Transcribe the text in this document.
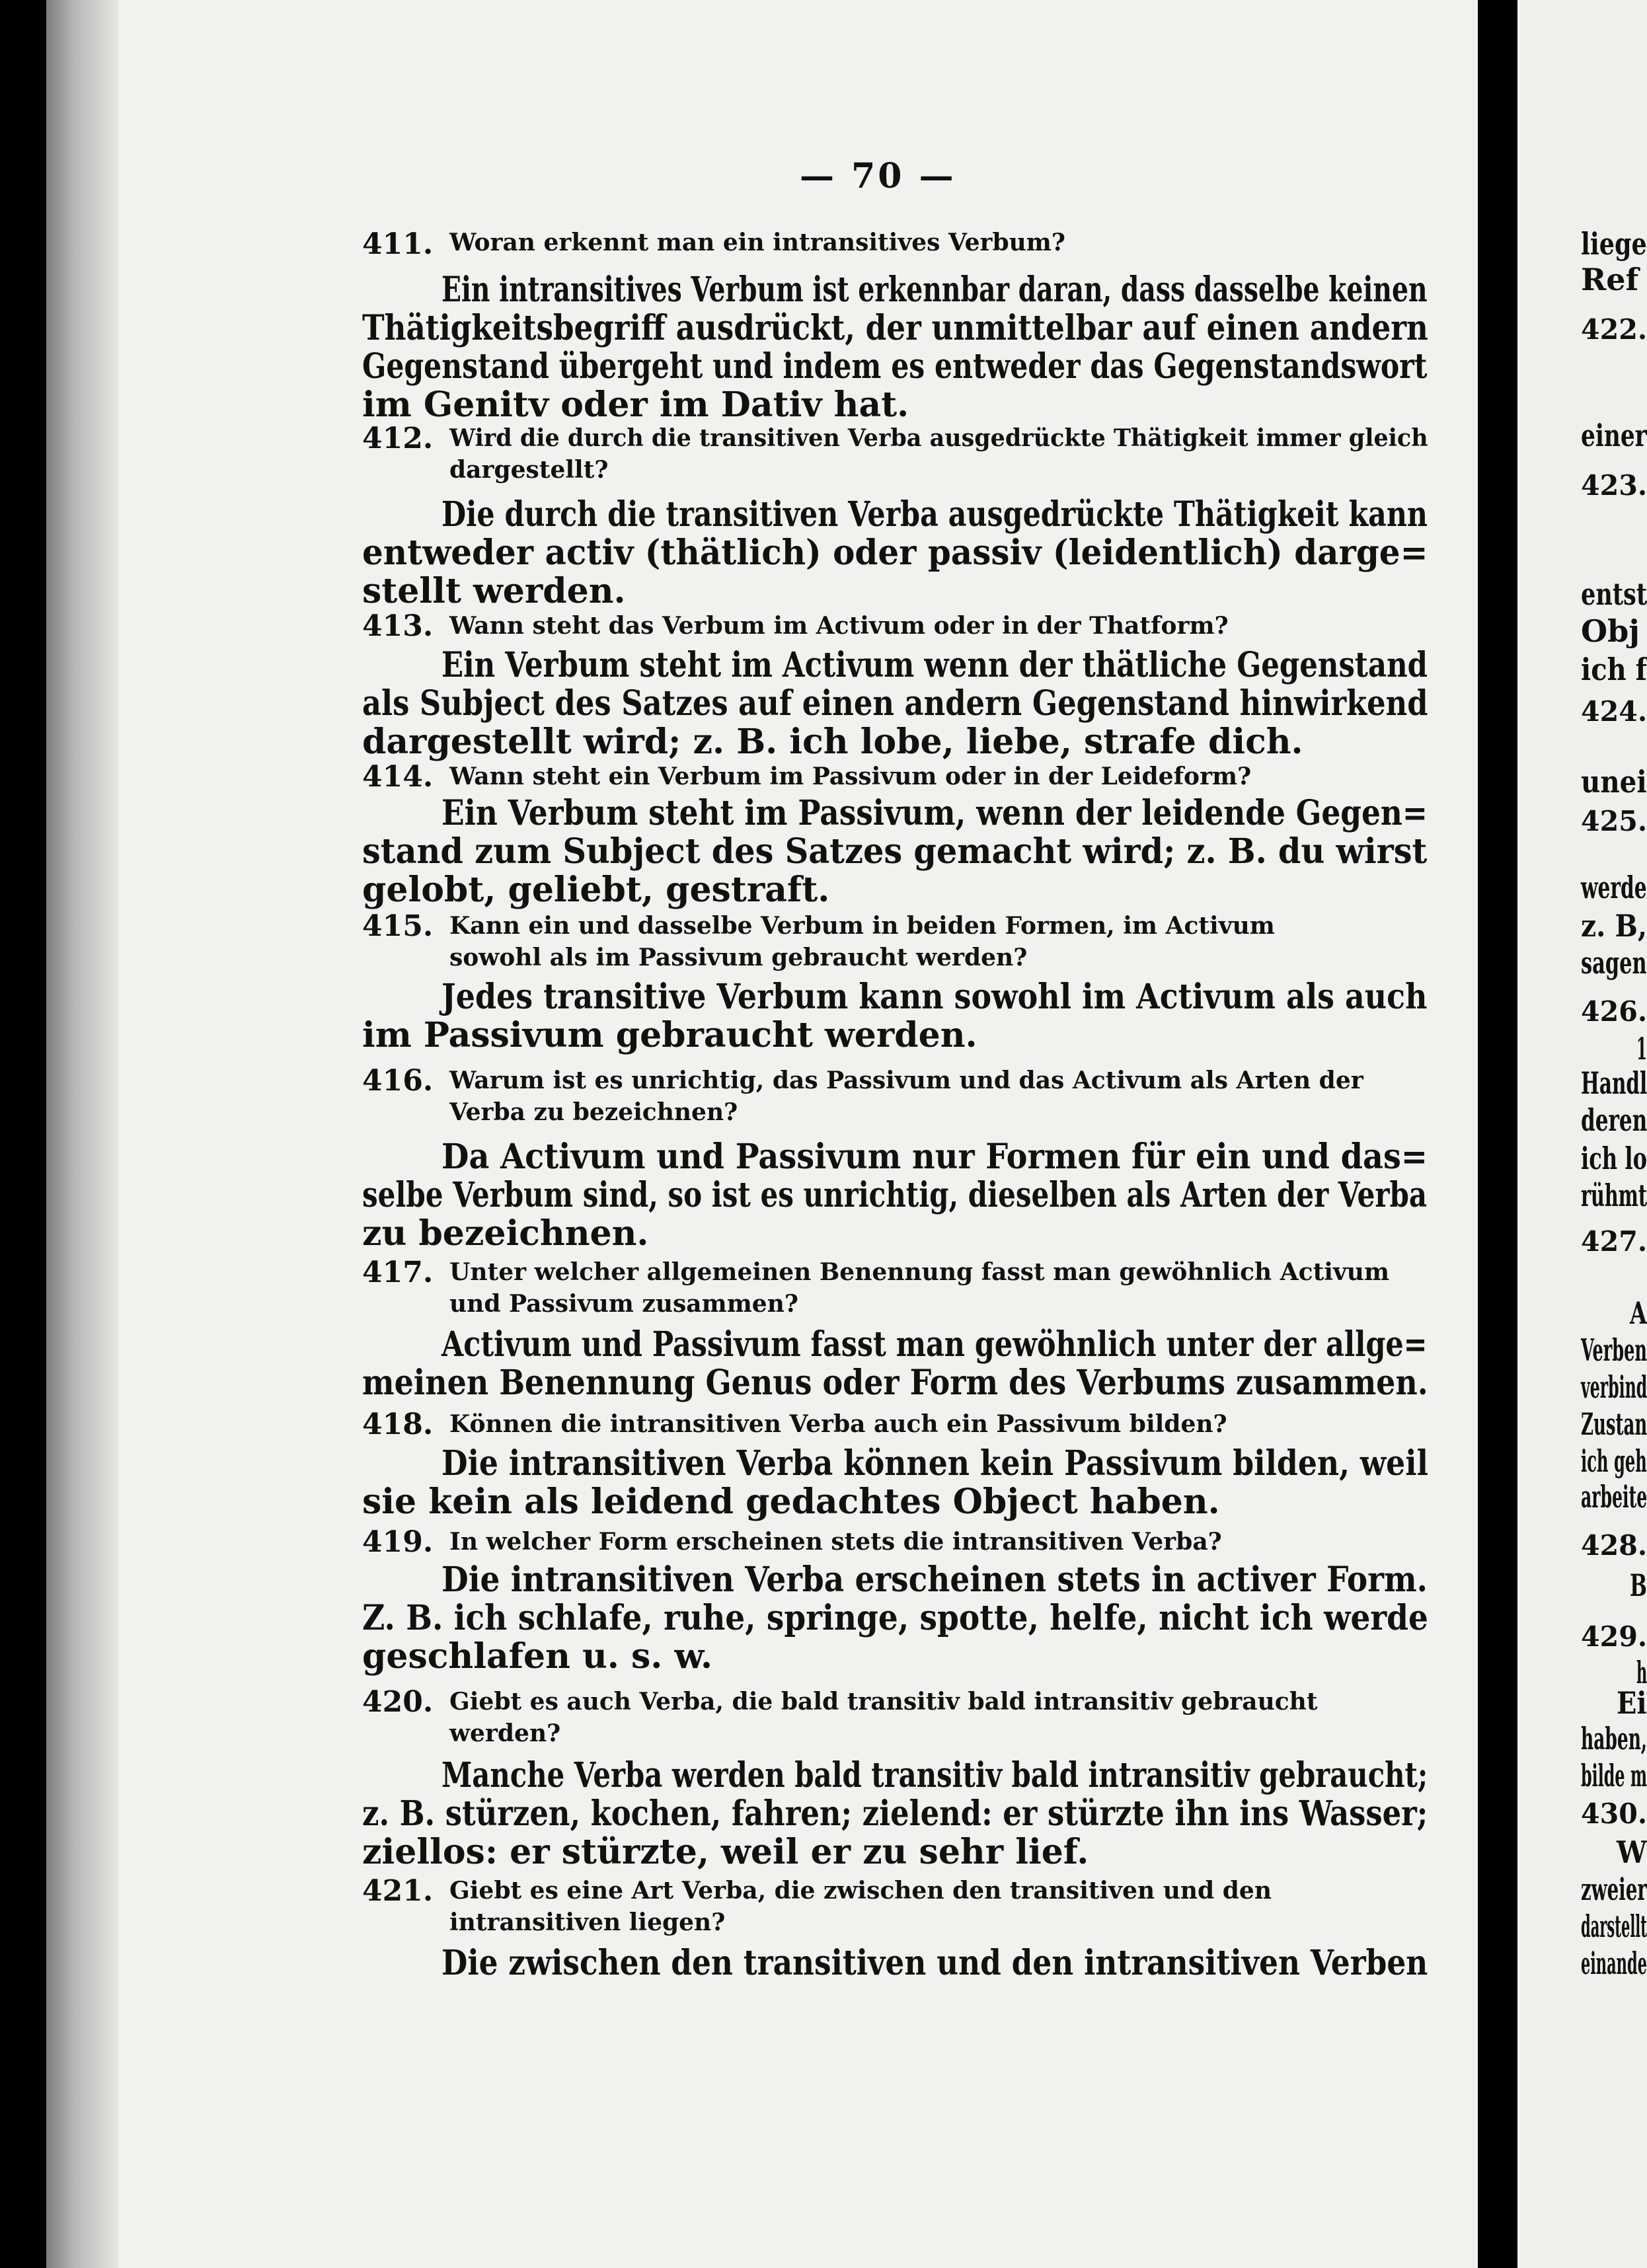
liege
Ref
422.
einer
423.
entst
Obj
ich f
424.
unei
425.
werde
z. B,
sagen
426.
1
Handl
deren
ich lo
rühmt
427.
A
Verben
verbind
Zustan
ich geh
arbeite
428.
B
429.
h
Ei
haben,
bilde m
430.
W
zweier
darstellt
einande
— 70 —
411. Woran erkennt man ein intransitives Verbum?
Ein intransitives Verbum ist erkennbar daran, dass dasselbe keinen
Thätigkeitsbegriff ausdrückt, der unmittelbar auf einen andern
Gegenstand übergeht und indem es entweder das Gegenstandswort
im Genitv oder im Dativ hat.
412. Wird die durch die transitiven Verba ausgedrückte Thätigkeit immer gleich
dargestellt?
Die durch die transitiven Verba ausgedrückte Thätigkeit kann
entweder activ (thätlich) oder passiv (leidentlich) darge=
stellt werden.
413. Wann steht das Verbum im Activum oder in der Thatform?
Ein Verbum steht im Activum wenn der thätliche Gegenstand
als Subject des Satzes auf einen andern Gegenstand hinwirkend
dargestellt wird; z. B. ich lobe, liebe, strafe dich.
414. Wann steht ein Verbum im Passivum oder in der Leideform?
Ein Verbum steht im Passivum, wenn der leidende Gegen=
stand zum Subject des Satzes gemacht wird; z. B. du wirst
gelobt, geliebt, gestraft.
415. Kann ein und dasselbe Verbum in beiden Formen, im Activum
sowohl als im Passivum gebraucht werden?
Jedes transitive Verbum kann sowohl im Activum als auch
im Passivum gebraucht werden.
416. Warum ist es unrichtig, das Passivum und das Activum als Arten der
Verba zu bezeichnen?
Da Activum und Passivum nur Formen für ein und das=
selbe Verbum sind, so ist es unrichtig, dieselben als Arten der Verba
zu bezeichnen.
417. Unter welcher allgemeinen Benennung fasst man gewöhnlich Activum
und Passivum zusammen?
Activum und Passivum fasst man gewöhnlich unter der allge=
meinen Benennung Genus oder Form des Verbums zusammen.
418. Können die intransitiven Verba auch ein Passivum bilden?
Die intransitiven Verba können kein Passivum bilden, weil
sie kein als leidend gedachtes Object haben.
419. In welcher Form erscheinen stets die intransitiven Verba?
Die intransitiven Verba erscheinen stets in activer Form.
Z. B. ich schlafe, ruhe, springe, spotte, helfe, nicht ich werde
geschlafen u. s. w.
420. Giebt es auch Verba, die bald transitiv bald intransitiv gebraucht
werden?
Manche Verba werden bald transitiv bald intransitiv gebraucht;
z. B. stürzen, kochen, fahren; zielend: er stürzte ihn ins Wasser;
ziellos: er stürzte, weil er zu sehr lief.
421. Giebt es eine Art Verba, die zwischen den transitiven und den
intransitiven liegen?
Die zwischen den transitiven und den intransitiven Verben
